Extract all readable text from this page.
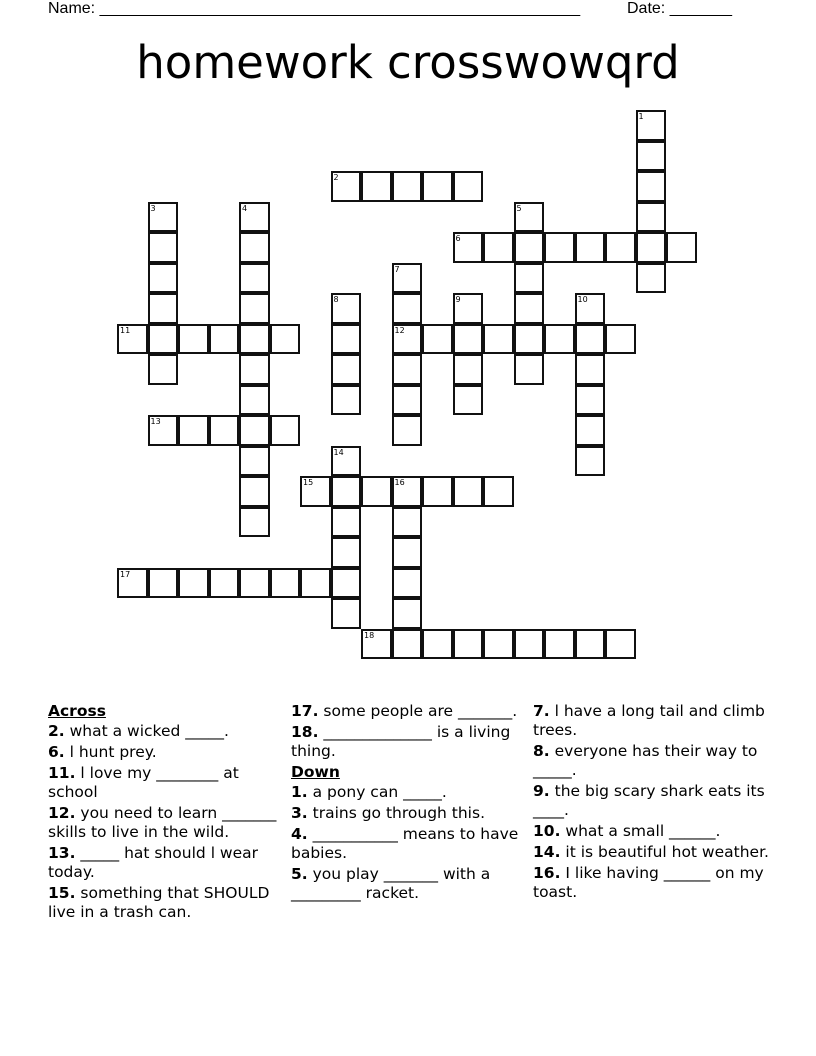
Name: ______________________________________________________	Date: _______
homework crosswowqrd
1
2
3	4	5
6
7
12
8	9	10
11
13
14
15	16
17
18
Across
2. what a wicked _____.
6. l hunt prey.
11. l love my ________ at school
12. you need to learn _______ skills to live in the wild.
13. _____ hat should l wear today.
15. something that SHOULD live in a trash can.
17. some people are _______.
18. ______________ is a living thing.
Down
1. a pony can _____.
3. trains go through this.
4. ___________ means to have babies.
5. you play _______ with a _________ racket.
7. l have a long tail and climb trees.
8. everyone has their way to _____.
9. the big scary shark eats its ____.
10. what a small ______.
14. it is beautiful hot weather.
16. I like having ______ on my toast.
